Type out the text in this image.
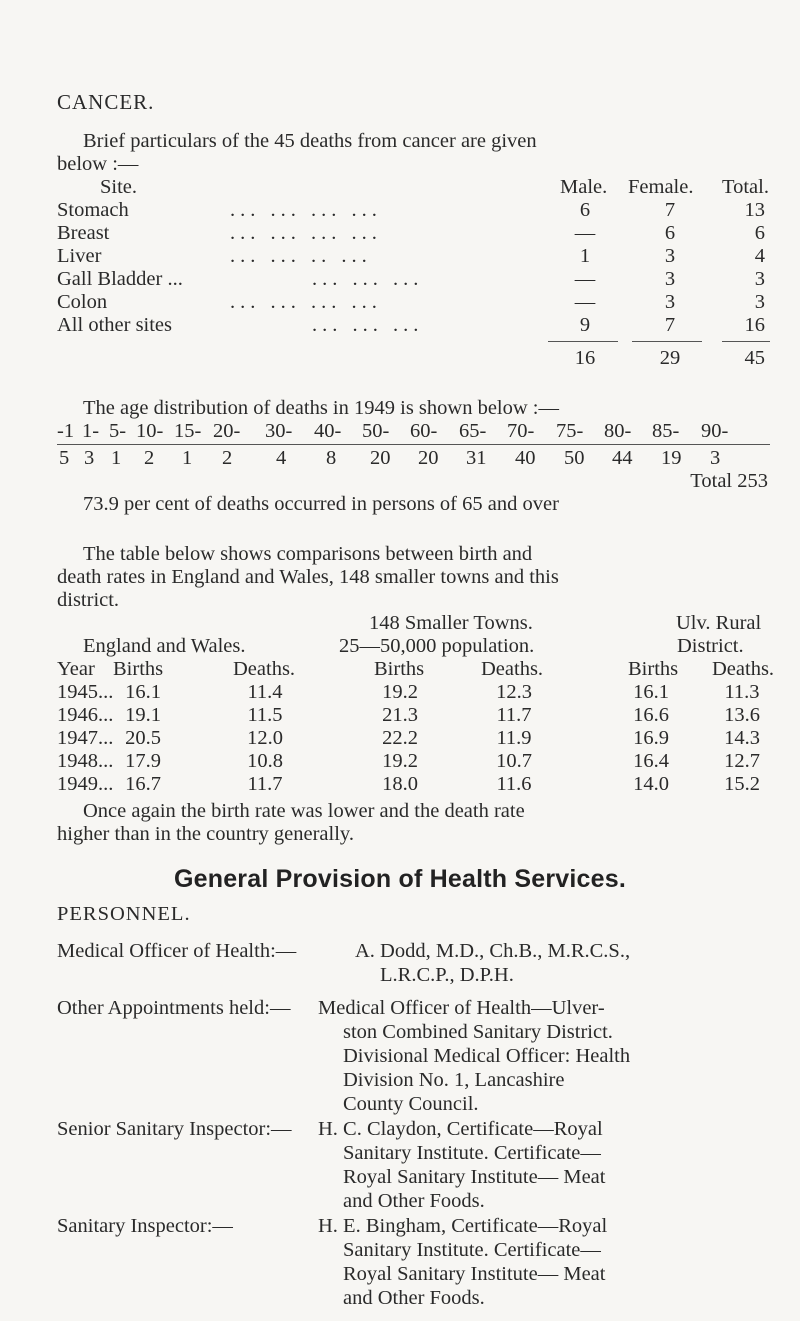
CANCER.
Brief particulars of the 45 deaths from cancer are given
below :—
Site.	Male. Female. Total.
Stomach	... ... ... ...	6	7	13
Breast	... ... ... ...	—	6	6
Liver	... ... .. ...	1	3	4
Gall Bladder ...	... ... ...	—	3	3
Colon	... ... ... ...	—	3	3
All other sites	... ... ...	9	7	16
16	29	45
The age distribution of deaths in 1949 is shown below :—
-1 1- 5- 10- 15- 20- 30- 40- 50- 60- 65- 70- 75- 80- 85- 90-
5 3 1 2 1 2 4 8 20 20 31 40 50 44 19 3
Total 253
73.9 per cent of deaths occurred in persons of 65 and over
The table below shows comparisons between birth and
death rates in England and Wales, 148 smaller towns and this
district.
148 Smaller Towns.	Ulv. Rural
England and Wales.	25—50,000 population.	District.
Year Births	Deaths.	Births	Deaths.	Births Deaths.
1945... 16.1	11.4	19.2	12.3	16.1	11.3
1946... 19.1	11.5	21.3	11.7	16.6	13.6
1947... 20.5	12.0	22.2	11.9	16.9	14.3
1948... 17.9	10.8	19.2	10.7	16.4	12.7
1949... 16.7	11.7	18.0	11.6	14.0	15.2
Once again the birth rate was lower and the death rate
higher than in the country generally.
General Provision of Health Services.
PERSONNEL.
Medical Officer of Health:—	A. Dodd, M.D., Ch.B., M.R.C.S.,
L.R.C.P., D.P.H.
Other Appointments held:— Medical Officer of Health—Ulver-
ston Combined Sanitary District.
Divisional Medical Officer: Health
Division No. 1, Lancashire
County Council.
Senior Sanitary Inspector:— H. C. Claydon, Certificate—Royal
Sanitary Institute. Certificate—
Royal Sanitary Institute— Meat
and Other Foods.
Sanitary Inspector:—	H. E. Bingham, Certificate—Royal
Sanitary Institute. Certificate—
Royal Sanitary Institute— Meat
and Other Foods.
